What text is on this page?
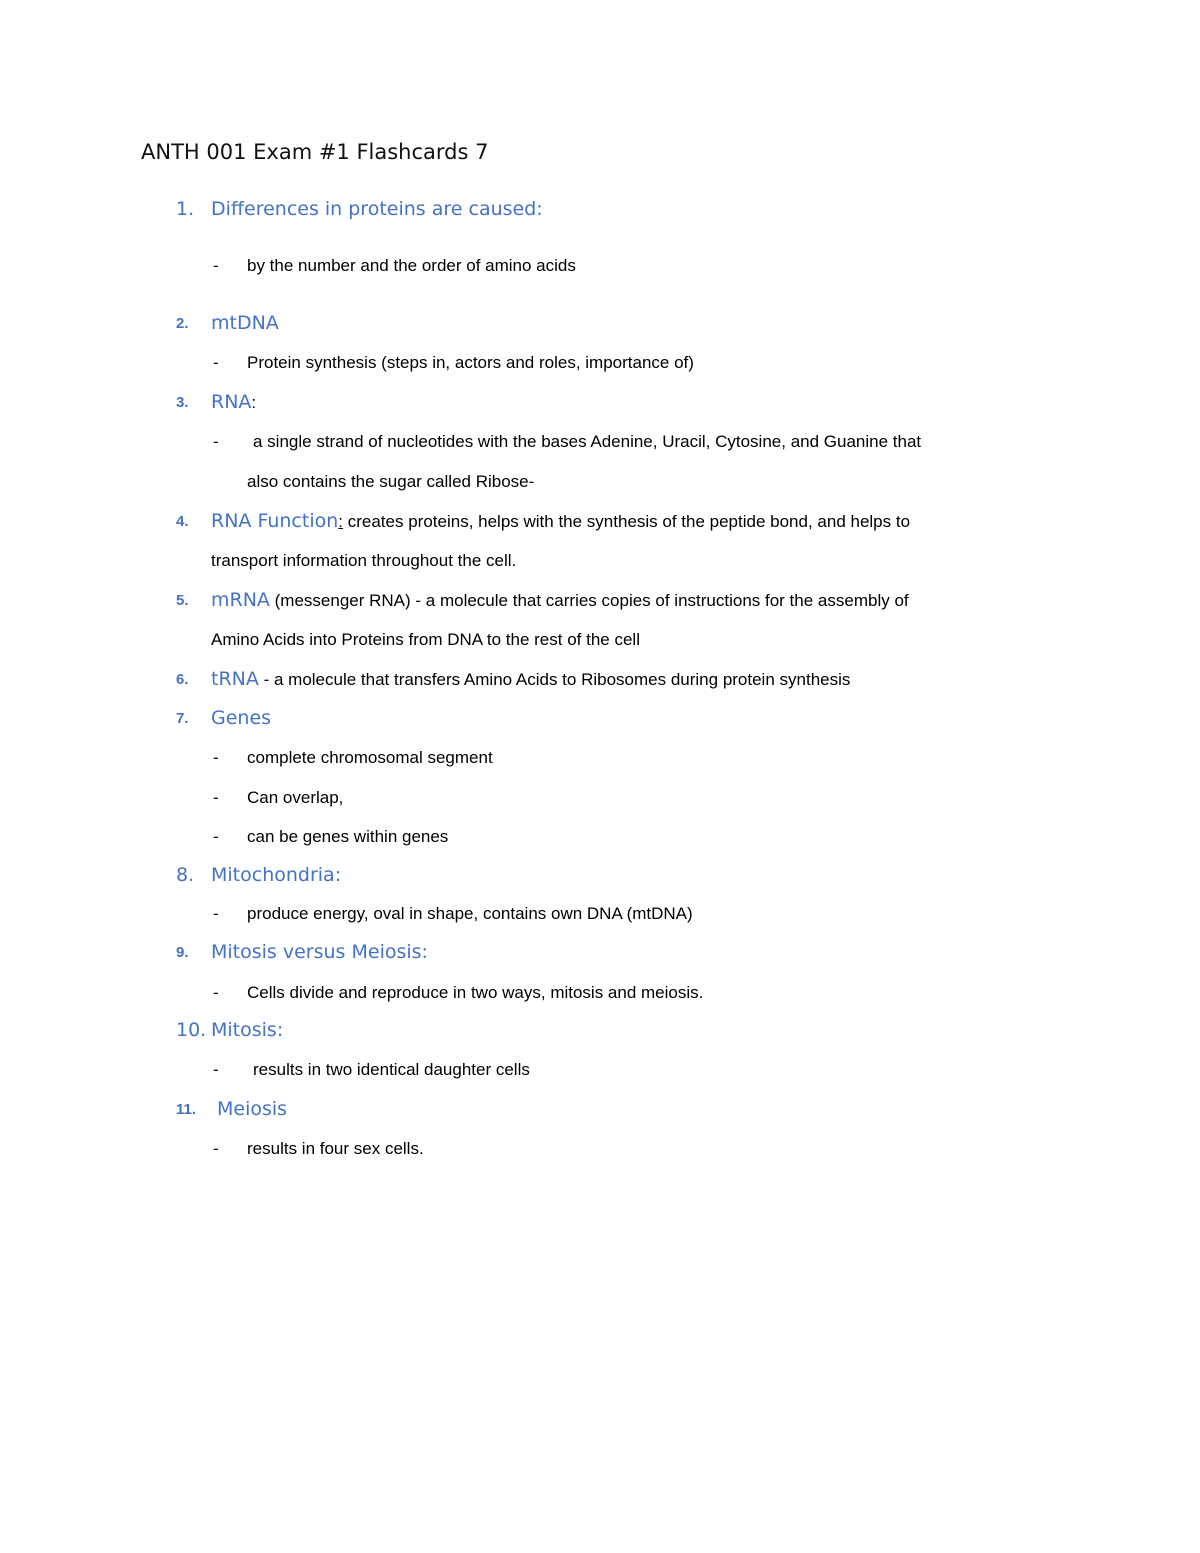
ANTH 001 Exam #1 Flashcards 7
1. Differences in proteins are caused:
- by the number and the order of amino acids
2. mtDNA
- Protein synthesis (steps in, actors and roles, importance of)
3. RNA:
- a single strand of nucleotides with the bases Adenine, Uracil, Cytosine, and Guanine that
also contains the sugar called Ribose-
4. RNA Function: creates proteins, helps with the synthesis of the peptide bond, and helps to
transport information throughout the cell.
5. mRNA (messenger RNA) - a molecule that carries copies of instructions for the assembly of
Amino Acids into Proteins from DNA to the rest of the cell
6. tRNA - a molecule that transfers Amino Acids to Ribosomes during protein synthesis
7. Genes
- complete chromosomal segment
- Can overlap,
- can be genes within genes
8. Mitochondria:
- produce energy, oval in shape, contains own DNA (mtDNA)
9. Mitosis versus Meiosis:
- Cells divide and reproduce in two ways, mitosis and meiosis.
10. Mitosis:
- results in two identical daughter cells
11. Meiosis
- results in four sex cells.
